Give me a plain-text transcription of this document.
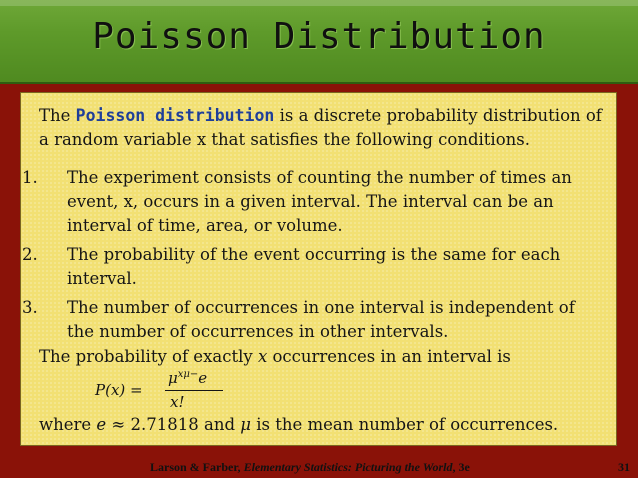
Poisson Distribution
The Poisson distribution is a discrete probability distribution of a random variable x that satisfies the following conditions.
1. The experiment consists of counting the number of times an event, x, occurs in a given interval. The interval can be an interval of time, area, or volume.
2. The probability of the event occurring is the same for each interval.
3. The number of occurrences in one interval is independent of the number of occurrences in other intervals.
The probability of exactly x occurrences in an interval is
P(x) =
$\mu^{x\mu-}e$
x!
where e ≈ 2.71818 and μ is the mean number of occurrences.
Larson & Farber, Elementary Statistics: Picturing the World, 3e	31
